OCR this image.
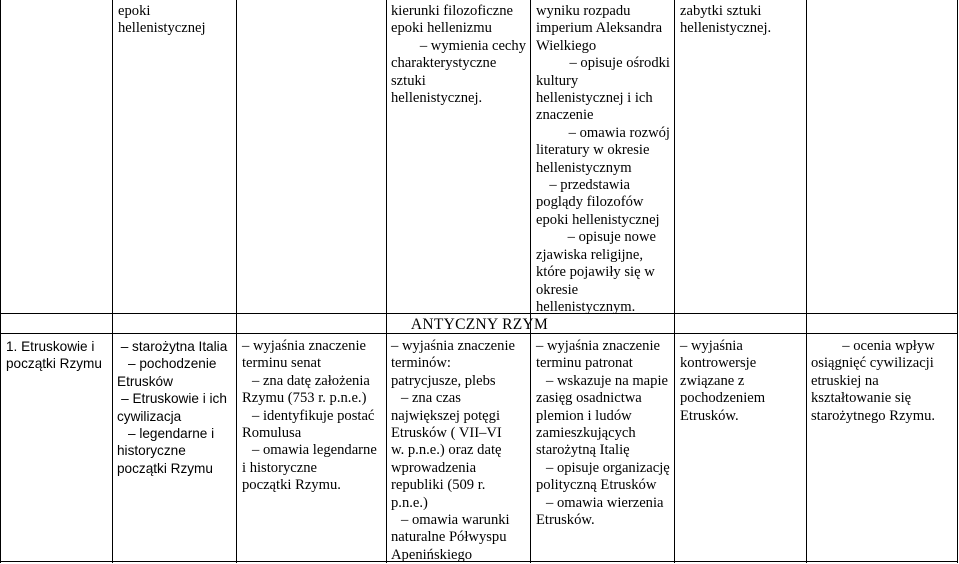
epoki
hellenistycznej
kierunki filozoficzne
epoki hellenizmu
– wymienia cechy
charakterystyczne
sztuki
hellenistycznej.
wyniku rozpadu
imperium Aleksandra
Wielkiego
– opisuje ośrodki
kultury
hellenistycznej i ich
znaczenie
– omawia rozwój
literatury w okresie
hellenistycznym
– przedstawia
poglądy filozofów
epoki hellenistycznej
– opisuje nowe
zjawiska religijne,
które pojawiły się w
okresie
hellenistycznym.
zabytki sztuki
hellenistycznej.
ANTYCZNY RZYM
1. Etruskowie i
początki Rzymu
– starożytna Italia
– pochodzenie
Etrusków
– Etruskowie i ich
cywilizacja
– legendarne i
historyczne
początki Rzymu
– wyjaśnia znaczenie
terminu senat
– zna datę założenia
Rzymu (753 r. p.n.e.)
– identyfikuje postać
Romulusa
– omawia legendarne
i historyczne
początki Rzymu.
– wyjaśnia znaczenie
terminów:
patrycjusze, plebs
– zna czas
największej potęgi
Etrusków ( VII–VI
w. p.n.e.) oraz datę
wprowadzenia
republiki (509 r.
p.n.e.)
– omawia warunki
naturalne Półwyspu
Apenińskiego
– wyjaśnia znaczenie
terminu patronat
– wskazuje na mapie
zasięg osadnictwa
plemion i ludów
zamieszkujących
starożytną Italię
– opisuje organizację
polityczną Etrusków
– omawia wierzenia
Etrusków.
– wyjaśnia
kontrowersje
związane z
pochodzeniem
Etrusków.
– ocenia wpływ
osiągnięć cywilizacji
etruskiej na
kształtowanie się
starożytnego Rzymu.
